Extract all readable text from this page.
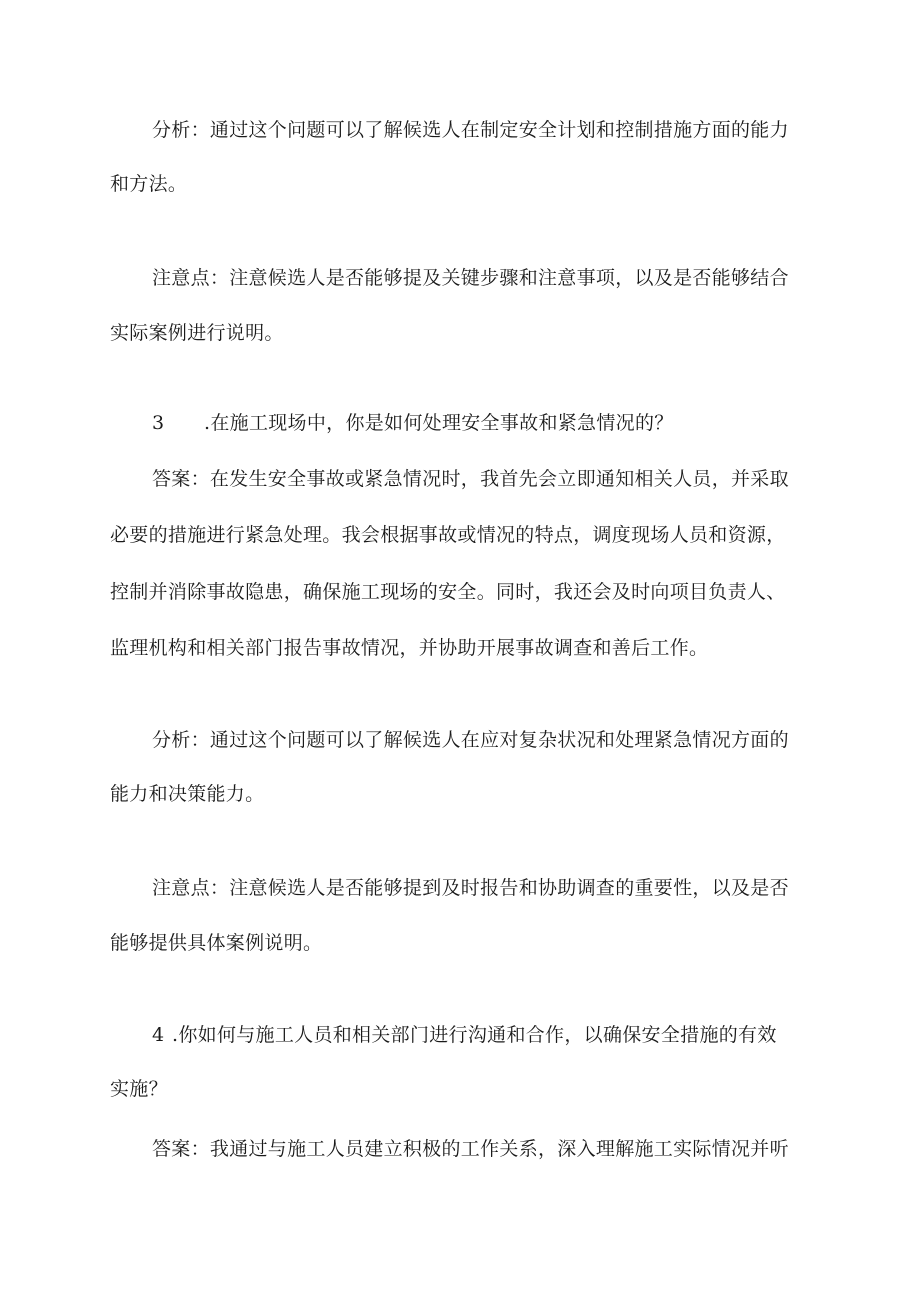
分析：通过这个问题可以了解候选人在制定安全计划和控制措施方面的能力
和方法。
注意点：注意候选人是否能够提及关键步骤和注意事项，以及是否能够结合
实际案例进行说明。
3 .在施工现场中，你是如何处理安全事故和紧急情况的？
答案：在发生安全事故或紧急情况时，我首先会立即通知相关人员，并采取
必要的措施进行紧急处理。我会根据事故或情况的特点，调度现场人员和资源，
控制并消除事故隐患，确保施工现场的安全。同时，我还会及时向项目负责人、
监理机构和相关部门报告事故情况，并协助开展事故调查和善后工作。
分析：通过这个问题可以了解候选人在应对复杂状况和处理紧急情况方面的
能力和决策能力。
注意点：注意候选人是否能够提到及时报告和协助调查的重要性，以及是否
能够提供具体案例说明。
4 .你如何与施工人员和相关部门进行沟通和合作，以确保安全措施的有效
实施？
答案：我通过与施工人员建立积极的工作关系，深入理解施工实际情况并听
